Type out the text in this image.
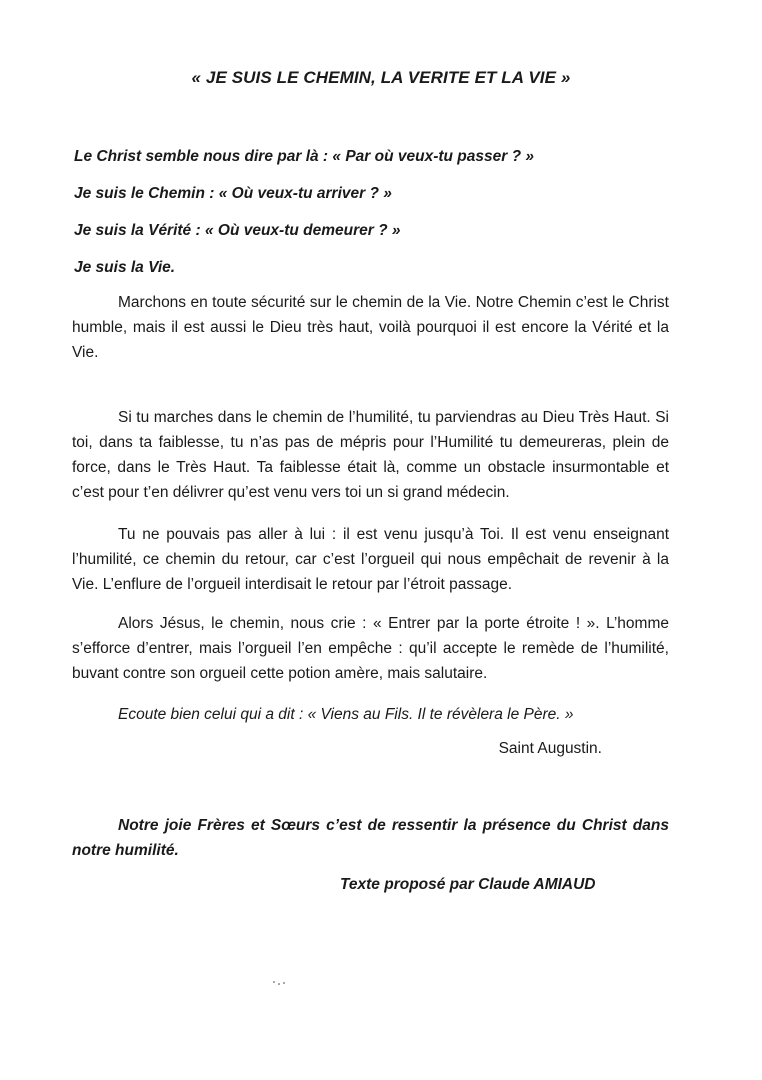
« JE SUIS LE CHEMIN, LA VERITE ET LA VIE »
Le Christ semble nous dire par là : « Par où veux-tu passer ? »
Je suis le Chemin : « Où veux-tu arriver ? »
Je suis la Vérité : « Où veux-tu demeurer ? »
Je suis la Vie.

Marchons en toute sécurité sur le chemin de la Vie. Notre Chemin c’est le Christ humble, mais il est aussi le Dieu très haut, voilà pourquoi il est encore la Vérité et la Vie.

Si tu marches dans le chemin de l’humilité, tu parviendras au Dieu Très Haut. Si toi, dans ta faiblesse, tu n’as pas de mépris pour l’Humilité tu demeureras, plein de force, dans le Très Haut. Ta faiblesse était là, comme un obstacle insurmontable et c’est pour t’en délivrer qu’est venu vers toi un si grand médecin.

Tu ne pouvais pas aller à lui : il est venu jusqu’à Toi. Il est venu enseignant l’humilité, ce chemin du retour, car c’est l’orgueil qui nous empêchait de revenir à la Vie. L’enflure de l’orgueil interdisait le retour par l’étroit passage.

Alors Jésus, le chemin, nous crie : « Entrer par la porte étroite ! ». L’homme s’efforce d’entrer, mais l’orgueil l’en empêche : qu’il accepte le remède de l’humilité, buvant contre son orgueil cette potion amère, mais salutaire.

Ecoute bien celui qui a dit : « Viens au Fils. Il te révèlera le Père. »
Saint Augustin.

Notre joie Frères et Sœurs c’est de ressentir la présence du Christ dans notre humilité.

Texte proposé par Claude AMIAUD
